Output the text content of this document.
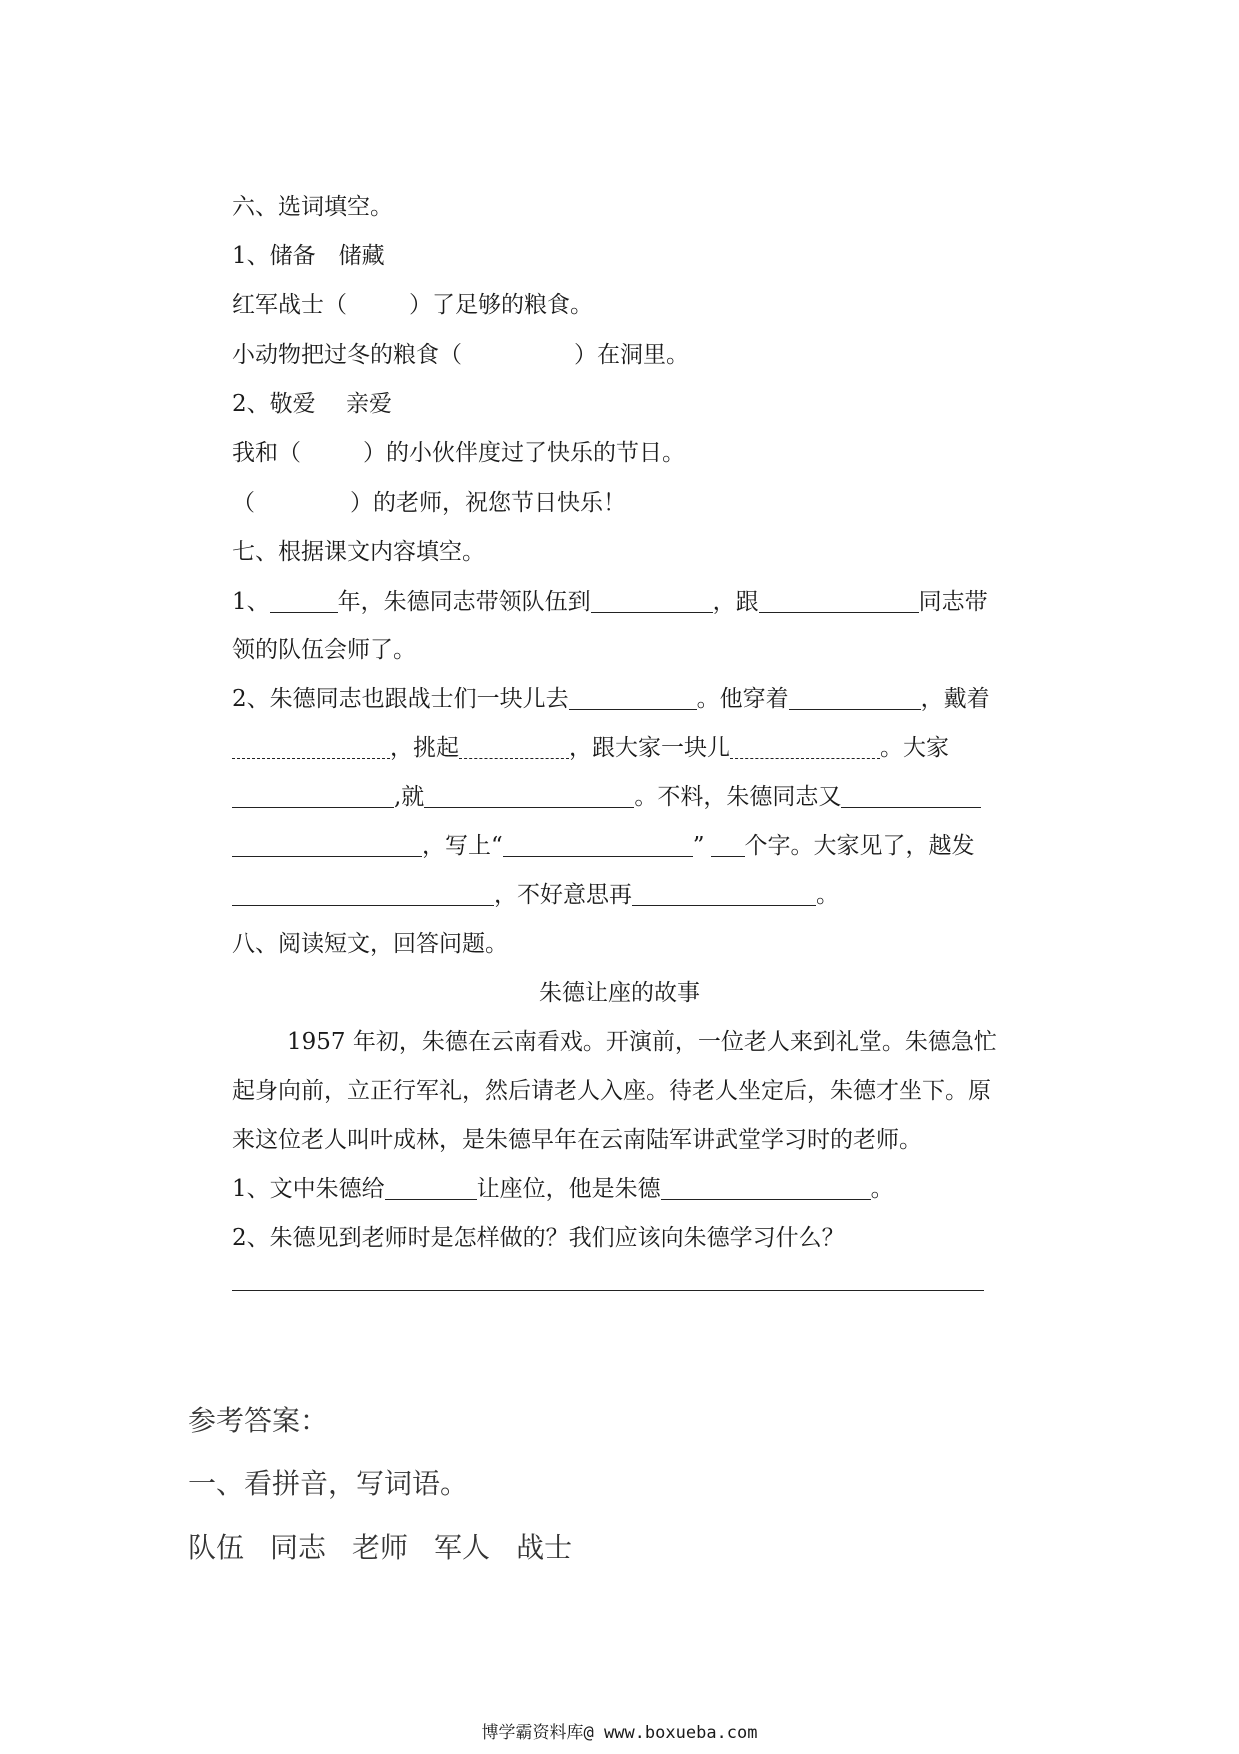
六、选词填空。
1、储备　储藏
红军战士（	）了足够的粮食。
小动物把过冬的粮食（	）在洞里。
2、敬爱　 亲爱
我和（	）的小伙伴度过了快乐的节日。
（	）的老师，祝您节日快乐！
七、根据课文内容填空。
1、	年，朱德同志带领队伍到	，跟	同志带
领的队伍会师了。
2、朱德同志也跟战士们一块儿去	。他穿着	，戴着
，挑起	，跟大家一块儿	。大家
,就	。不料，朱德同志又
，写上“	” 个字。大家见了，越发
，不好意思再	。
八、阅读短文，回答问题。
朱德让座的故事
1957 年初，朱德在云南看戏。开演前，一位老人来到礼堂。朱德急忙
起身向前，立正行军礼，然后请老人入座。待老人坐定后，朱德才坐下。原
来这位老人叫叶成林，是朱德早年在云南陆军讲武堂学习时的老师。
1、文中朱德给	让座位，他是朱德	。
2、朱德见到老师时是怎样做的？我们应该向朱德学习什么？
参考答案：
一、看拼音，写词语。
队伍 同志 老师 军人 战士
博学霸资料库@ www.boxueba.com
